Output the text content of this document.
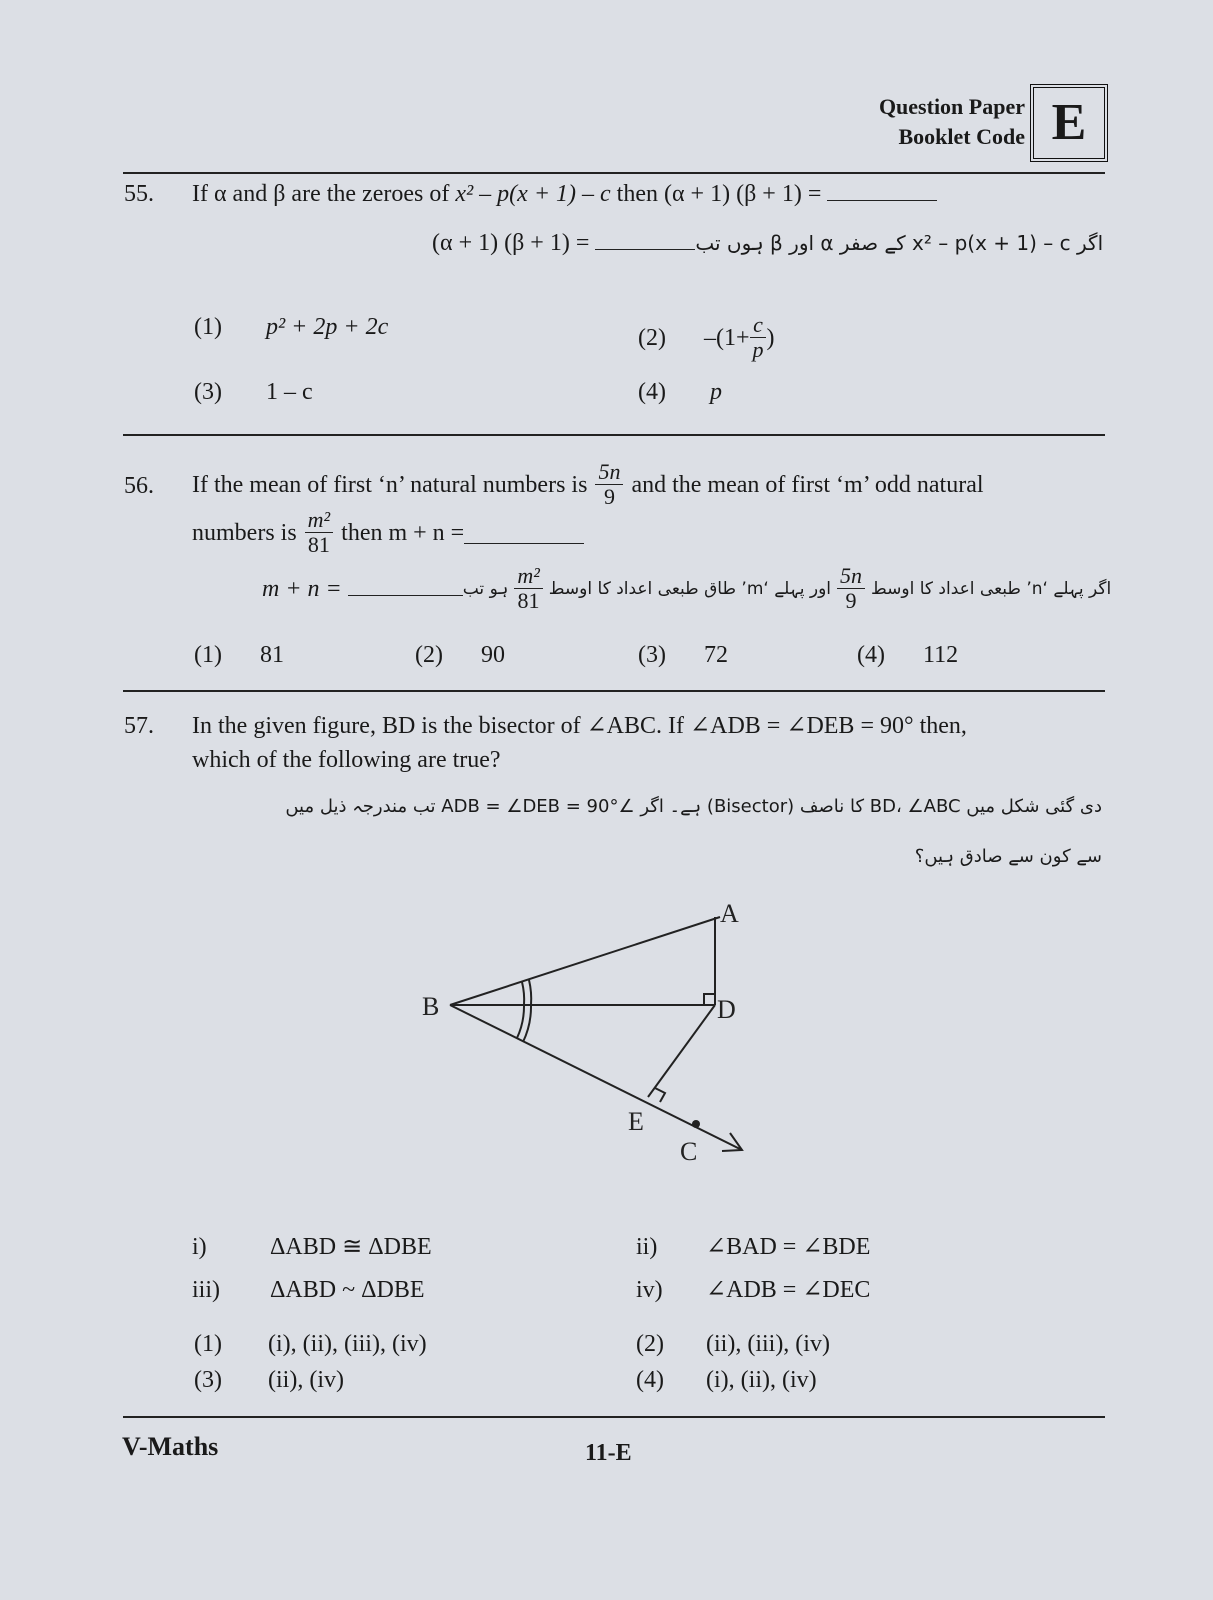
Question Paper
Booklet Code E
55. If α and β are the zeroes of x² – p(x + 1) – c then (α + 1) (β + 1) =
(α + 1) (β + 1) =	اگر x² – p(x + 1) – c کے صفر α اور β ہوں تب
(1) p² + 2p + 2c	(2) $-(1+ \frac{c}{p}$ )
(3) 1 – c	(4) p
56. If the mean of first ‘n’ natural numbers is $\frac{5n}{9}$ and the mean of first ‘m’ odd natural
numbers is $\frac{\text{m²}}{81}$ then m + n =
m + n =	اگر پہلے ‘n’ طبعی اعداد کا اوسط
$\frac{5n}{9}$
اور پہلے ‘m’ طاق طبعی اعداد کا اوسط
$\frac{\text{m²}}{81}$
ہو تب
(1) 81	(2) 90	(3) 72	(4) 112
57. In the given figure, BD is the bisector of ∠ABC. If ∠ADB = ∠DEB = 90° then,
which of the following are true?
دی گئی شکل میں BD، ∠ABC کا ناصف (Bisector) ہے۔ اگر ∠ADB = ∠DEB = 90° تب مندرجہ ذیل میں
سے کون سے صادق ہیں؟
A
B	D
E
C
i)	ΔABD ≅ ΔDBE	ii) ∠BAD = ∠BDE
iii) ΔABD ~ ΔDBE	iv) ∠ADB = ∠DEC
(1) (i), (ii), (iii), (iv)	(2) (ii), (iii), (iv)
(3) (ii), (iv)	(4) (i), (ii), (iv)
V-Maths	11-E
